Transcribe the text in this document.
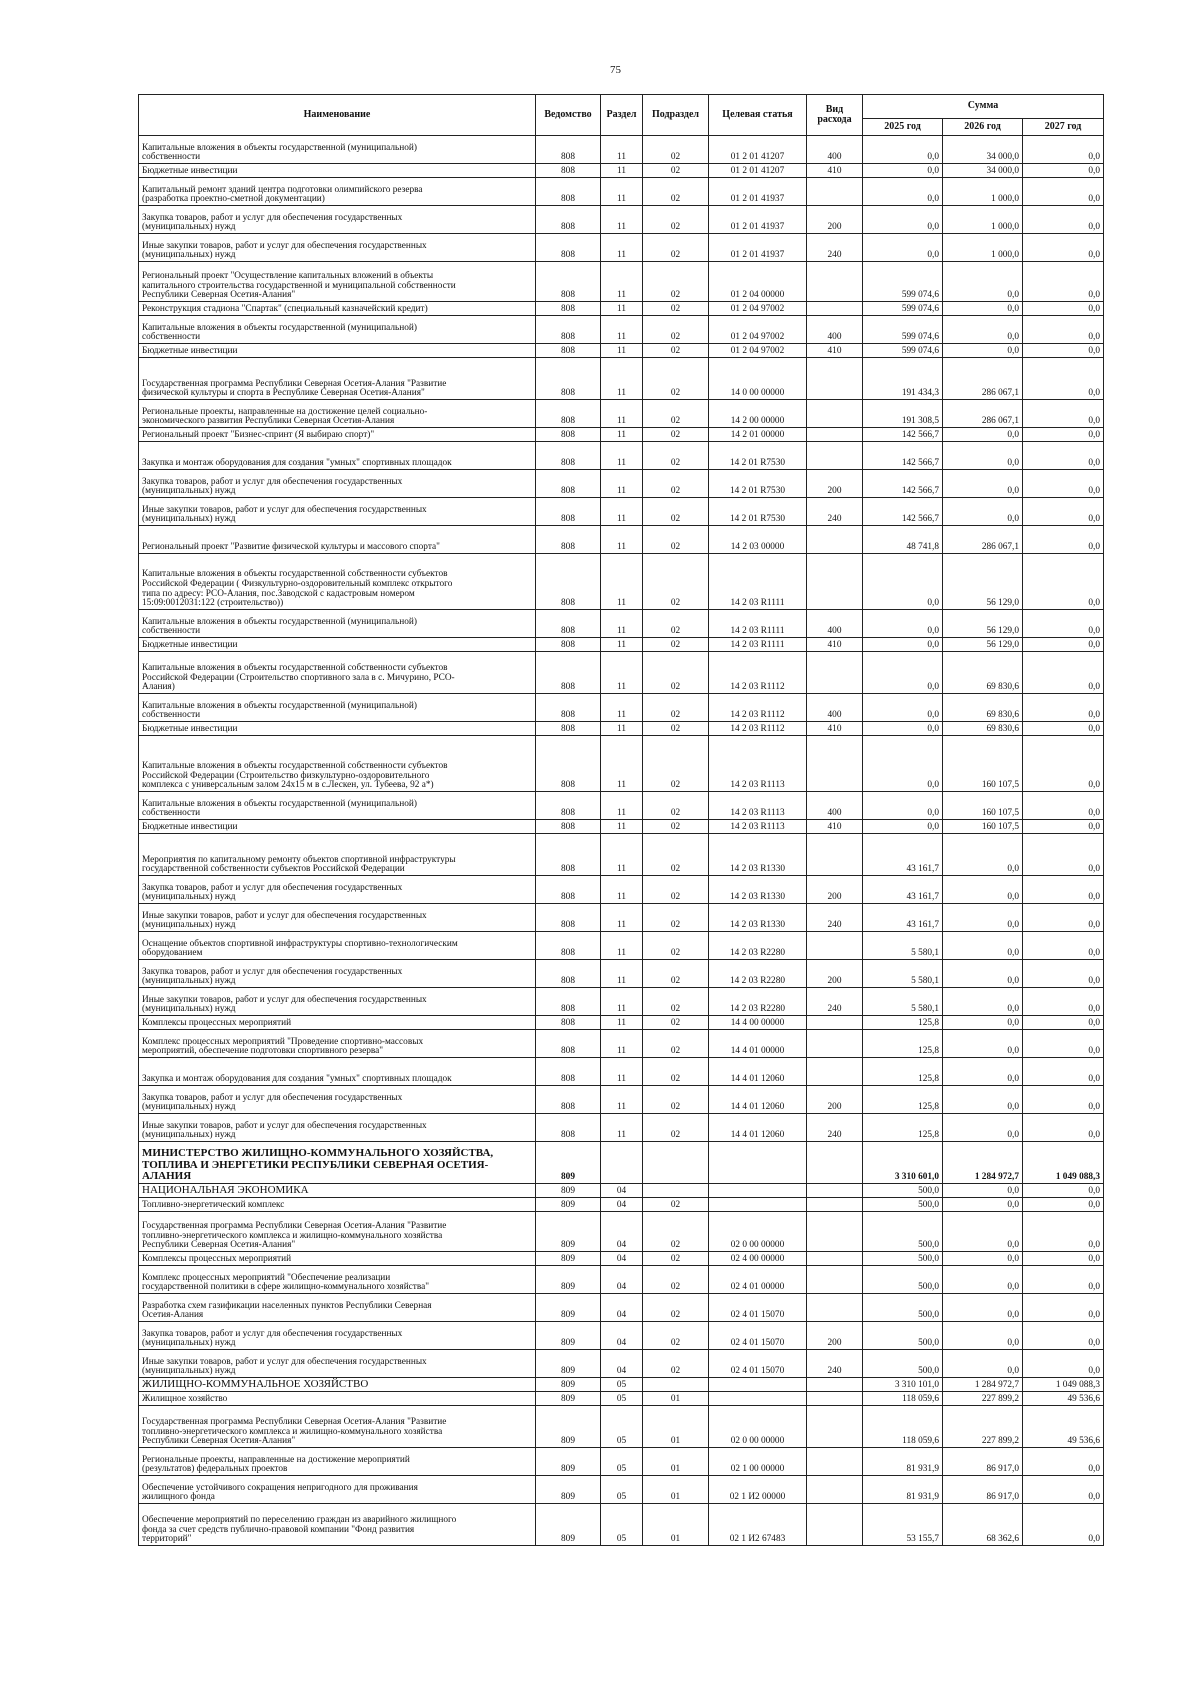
75
Наименование	Ведомство	Раздел	Подраздел	Целевая статья	Вид расхода	Сумма		
						2025 год	2026 год	2027 год
Капитальные вложения в объекты государственной (муниципальной)
собственности	808	11	02	01 2 01 41207	400	0,0	34 000,0	0,0
Бюджетные инвестиции	808	11	02	01 2 01 41207	410	0,0	34 000,0	0,0
Капитальный ремонт зданий центра подготовки олимпийского резерва
(разработка проектно-сметной документации)	808	11	02	01 2 01 41937		0,0	1 000,0	0,0
Закупка товаров, работ и услуг для обеспечения государственных
(муниципальных) нужд	808	11	02	01 2 01 41937	200	0,0	1 000,0	0,0
Иные закупки товаров, работ и услуг для обеспечения государственных
(муниципальных) нужд	808	11	02	01 2 01 41937	240	0,0	1 000,0	0,0
Региональный проект "Осуществление капитальных вложений в объекты
капитального строительства государственной и муниципальной собственности
Республики Северная Осетия-Алания"	808	11	02	01 2 04 00000		599 074,6	0,0	0,0
Реконструкция стадиона "Спартак" (специальный казначейский кредит)	808	11	02	01 2 04 97002		599 074,6	0,0	0,0
Капитальные вложения в объекты государственной (муниципальной)
собственности	808	11	02	01 2 04 97002	400	599 074,6	0,0	0,0
Бюджетные инвестиции	808	11	02	01 2 04 97002	410	599 074,6	0,0	0,0
Государственная программа Республики Северная Осетия-Алания "Развитие
физической культуры и спорта в Республике Северная Осетия-Алания"	808	11	02	14 0 00 00000		191 434,3	286 067,1	0,0
Региональные проекты, направленные на достижение целей социально-
экономического развития Республики Северная Осетия-Алания	808	11	02	14 2 00 00000		191 308,5	286 067,1	0,0
Региональный проект "Бизнес-спринт (Я выбираю спорт)"	808	11	02	14 2 01 00000		142 566,7	0,0	0,0
Закупка и монтаж оборудования для создания "умных" спортивных площадок	808	11	02	14 2 01 R7530		142 566,7	0,0	0,0
Закупка товаров, работ и услуг для обеспечения государственных
(муниципальных) нужд	808	11	02	14 2 01 R7530	200	142 566,7	0,0	0,0
Иные закупки товаров, работ и услуг для обеспечения государственных
(муниципальных) нужд	808	11	02	14 2 01 R7530	240	142 566,7	0,0	0,0
Региональный проект "Развитие физической культуры и массового спорта"	808	11	02	14 2 03 00000		48 741,8	286 067,1	0,0
Капитальные вложения в объекты государственной собственности субъектов
Российской Федерации ( Физкультурно-оздоровительный комплекс открытого
типа по адресу: РСО-Алания, пос.Заводской с кадастровым номером
15:09:0012031:122 (строительство))	808	11	02	14 2 03 R1111		0,0	56 129,0	0,0
Капитальные вложения в объекты государственной (муниципальной)
собственности	808	11	02	14 2 03 R1111	400	0,0	56 129,0	0,0
Бюджетные инвестиции	808	11	02	14 2 03 R1111	410	0,0	56 129,0	0,0
Капитальные вложения в объекты государственной собственности субъектов
Российской Федерации (Строительство спортивного зала в с. Мичурино, РСО-
Алания)	808	11	02	14 2 03 R1112		0,0	69 830,6	0,0
Капитальные вложения в объекты государственной (муниципальной)
собственности	808	11	02	14 2 03 R1112	400	0,0	69 830,6	0,0
Бюджетные инвестиции	808	11	02	14 2 03 R1112	410	0,0	69 830,6	0,0
Капитальные вложения в объекты государственной собственности субъектов
Российской Федерации (Строительство физкультурно-оздоровительного
комплекса с универсальным залом 24х15 м в с.Лескен, ул. Тубеева, 92 а*)	808	11	02	14 2 03 R1113		0,0	160 107,5	0,0
Капитальные вложения в объекты государственной (муниципальной)
собственности	808	11	02	14 2 03 R1113	400	0,0	160 107,5	0,0
Бюджетные инвестиции	808	11	02	14 2 03 R1113	410	0,0	160 107,5	0,0
Мероприятия по капитальному ремонту объектов спортивной инфраструктуры
государственной собственности субъектов Российской Федерации	808	11	02	14 2 03 R1330		43 161,7	0,0	0,0
Закупка товаров, работ и услуг для обеспечения государственных
(муниципальных) нужд	808	11	02	14 2 03 R1330	200	43 161,7	0,0	0,0
Иные закупки товаров, работ и услуг для обеспечения государственных
(муниципальных) нужд	808	11	02	14 2 03 R1330	240	43 161,7	0,0	0,0
Оснащение объектов спортивной инфраструктуры спортивно-технологическим
оборудованием	808	11	02	14 2 03 R2280		5 580,1	0,0	0,0
Закупка товаров, работ и услуг для обеспечения государственных
(муниципальных) нужд	808	11	02	14 2 03 R2280	200	5 580,1	0,0	0,0
Иные закупки товаров, работ и услуг для обеспечения государственных
(муниципальных) нужд	808	11	02	14 2 03 R2280	240	5 580,1	0,0	0,0
Комплексы процессных мероприятий	808	11	02	14 4 00 00000		125,8	0,0	0,0
Комплекс процессных мероприятий "Проведение спортивно-массовых
мероприятий, обеспечение подготовки спортивного резерва"	808	11	02	14 4 01 00000		125,8	0,0	0,0
Закупка и монтаж оборудования для создания "умных" спортивных площадок	808	11	02	14 4 01 12060		125,8	0,0	0,0
Закупка товаров, работ и услуг для обеспечения государственных
(муниципальных) нужд	808	11	02	14 4 01 12060	200	125,8	0,0	0,0
Иные закупки товаров, работ и услуг для обеспечения государственных
(муниципальных) нужд	808	11	02	14 4 01 12060	240	125,8	0,0	0,0
МИНИСТЕРСТВО ЖИЛИЩНО-КОММУНАЛЬНОГО ХОЗЯЙСТВА,
ТОПЛИВА И ЭНЕРГЕТИКИ РЕСПУБЛИКИ СЕВЕРНАЯ ОСЕТИЯ-
АЛАНИЯ	809					3 310 601,0	1 284 972,7	1 049 088,3
НАЦИОНАЛЬНАЯ ЭКОНОМИКА	809	04				500,0	0,0	0,0
Топливно-энергетический комплекс	809	04	02			500,0	0,0	0,0
Государственная программа Республики Северная Осетия-Алания "Развитие
топливно-энергетического комплекса и жилищно-коммунального хозяйства
Республики Северная Осетия-Алания"	809	04	02	02 0 00 00000		500,0	0,0	0,0
Комплексы процессных мероприятий	809	04	02	02 4 00 00000		500,0	0,0	0,0
Комплекс процессных мероприятий "Обеспечение реализации
государственной политики в сфере жилищно-коммунального хозяйства"	809	04	02	02 4 01 00000		500,0	0,0	0,0
Разработка схем газификации населенных пунктов Республики Северная
Осетия-Алания	809	04	02	02 4 01 15070		500,0	0,0	0,0
Закупка товаров, работ и услуг для обеспечения государственных
(муниципальных) нужд	809	04	02	02 4 01 15070	200	500,0	0,0	0,0
Иные закупки товаров, работ и услуг для обеспечения государственных
(муниципальных) нужд	809	04	02	02 4 01 15070	240	500,0	0,0	0,0
ЖИЛИЩНО-КОММУНАЛЬНОЕ ХОЗЯЙСТВО	809	05				3 310 101,0	1 284 972,7	1 049 088,3
Жилищное хозяйство	809	05	01			118 059,6	227 899,2	49 536,6
Государственная программа Республики Северная Осетия-Алания "Развитие
топливно-энергетического комплекса и жилищно-коммунального хозяйства
Республики Северная Осетия-Алания"	809	05	01	02 0 00 00000		118 059,6	227 899,2	49 536,6
Региональные проекты, направленные на достижение мероприятий
(результатов) федеральных проектов	809	05	01	02 1 00 00000		81 931,9	86 917,0	0,0
Обеспечение устойчивого сокращения непригодного для проживания
жилищного фонда	809	05	01	02 1 И2 00000		81 931,9	86 917,0	0,0
Обеспечение мероприятий по переселению граждан из аварийного жилищного
фонда за счет средств публично-правовой компании "Фонд развития
территорий"	809	05	01	02 1 И2 67483		53 155,7	68 362,6	0,0
